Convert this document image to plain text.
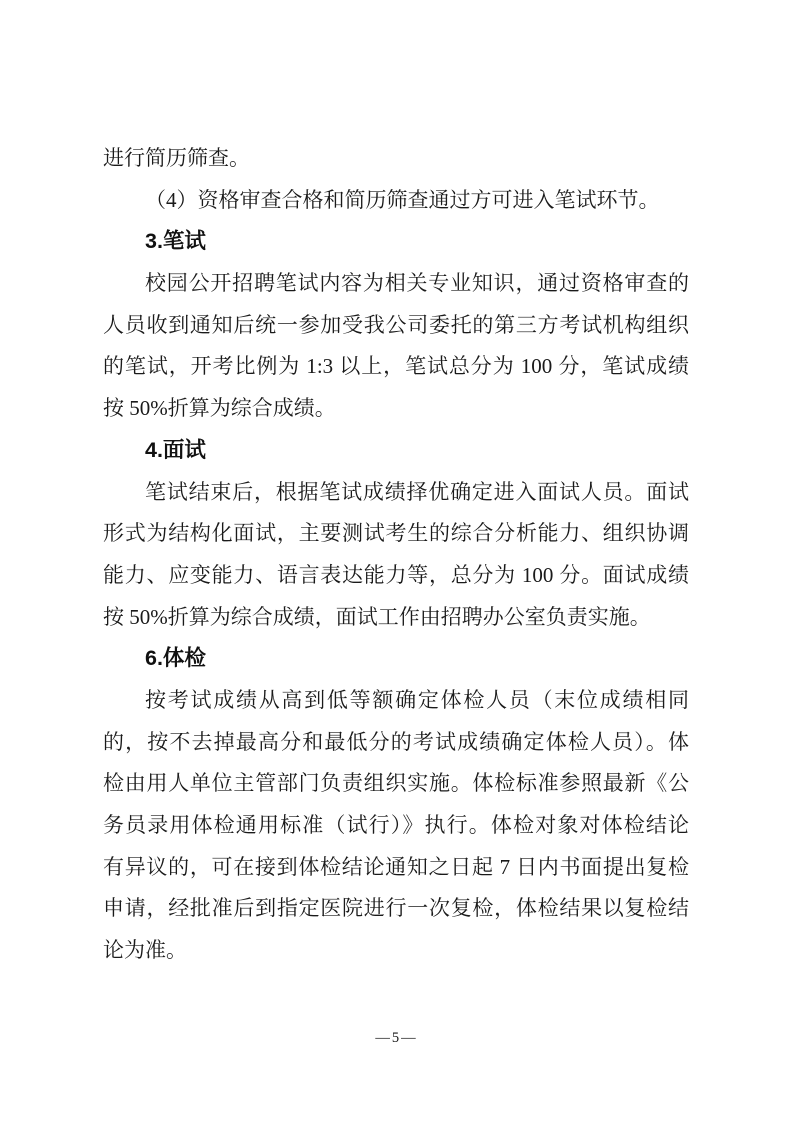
进行简历筛查。
（4）资格审查合格和简历筛查通过方可进入笔试环节。
3.笔试
校园公开招聘笔试内容为相关专业知识，通过资格审查的
人员收到通知后统一参加受我公司委托的第三方考试机构组织
的笔试，开考比例为 1:3 以上，笔试总分为 100 分，笔试成绩
按 50%折算为综合成绩。
4.面试
笔试结束后，根据笔试成绩择优确定进入面试人员。面试
形式为结构化面试，主要测试考生的综合分析能力、组织协调
能力、应变能力、语言表达能力等，总分为 100 分。面试成绩
按 50%折算为综合成绩，面试工作由招聘办公室负责实施。
6.体检
按考试成绩从高到低等额确定体检人员（末位成绩相同
的，按不去掉最高分和最低分的考试成绩确定体检人员）。体
检由用人单位主管部门负责组织实施。体检标准参照最新《公
务员录用体检通用标准（试行）》执行。体检对象对体检结论
有异议的，可在接到体检结论通知之日起 7 日内书面提出复检
申请，经批准后到指定医院进行一次复检，体检结果以复检结
论为准。
—5—
